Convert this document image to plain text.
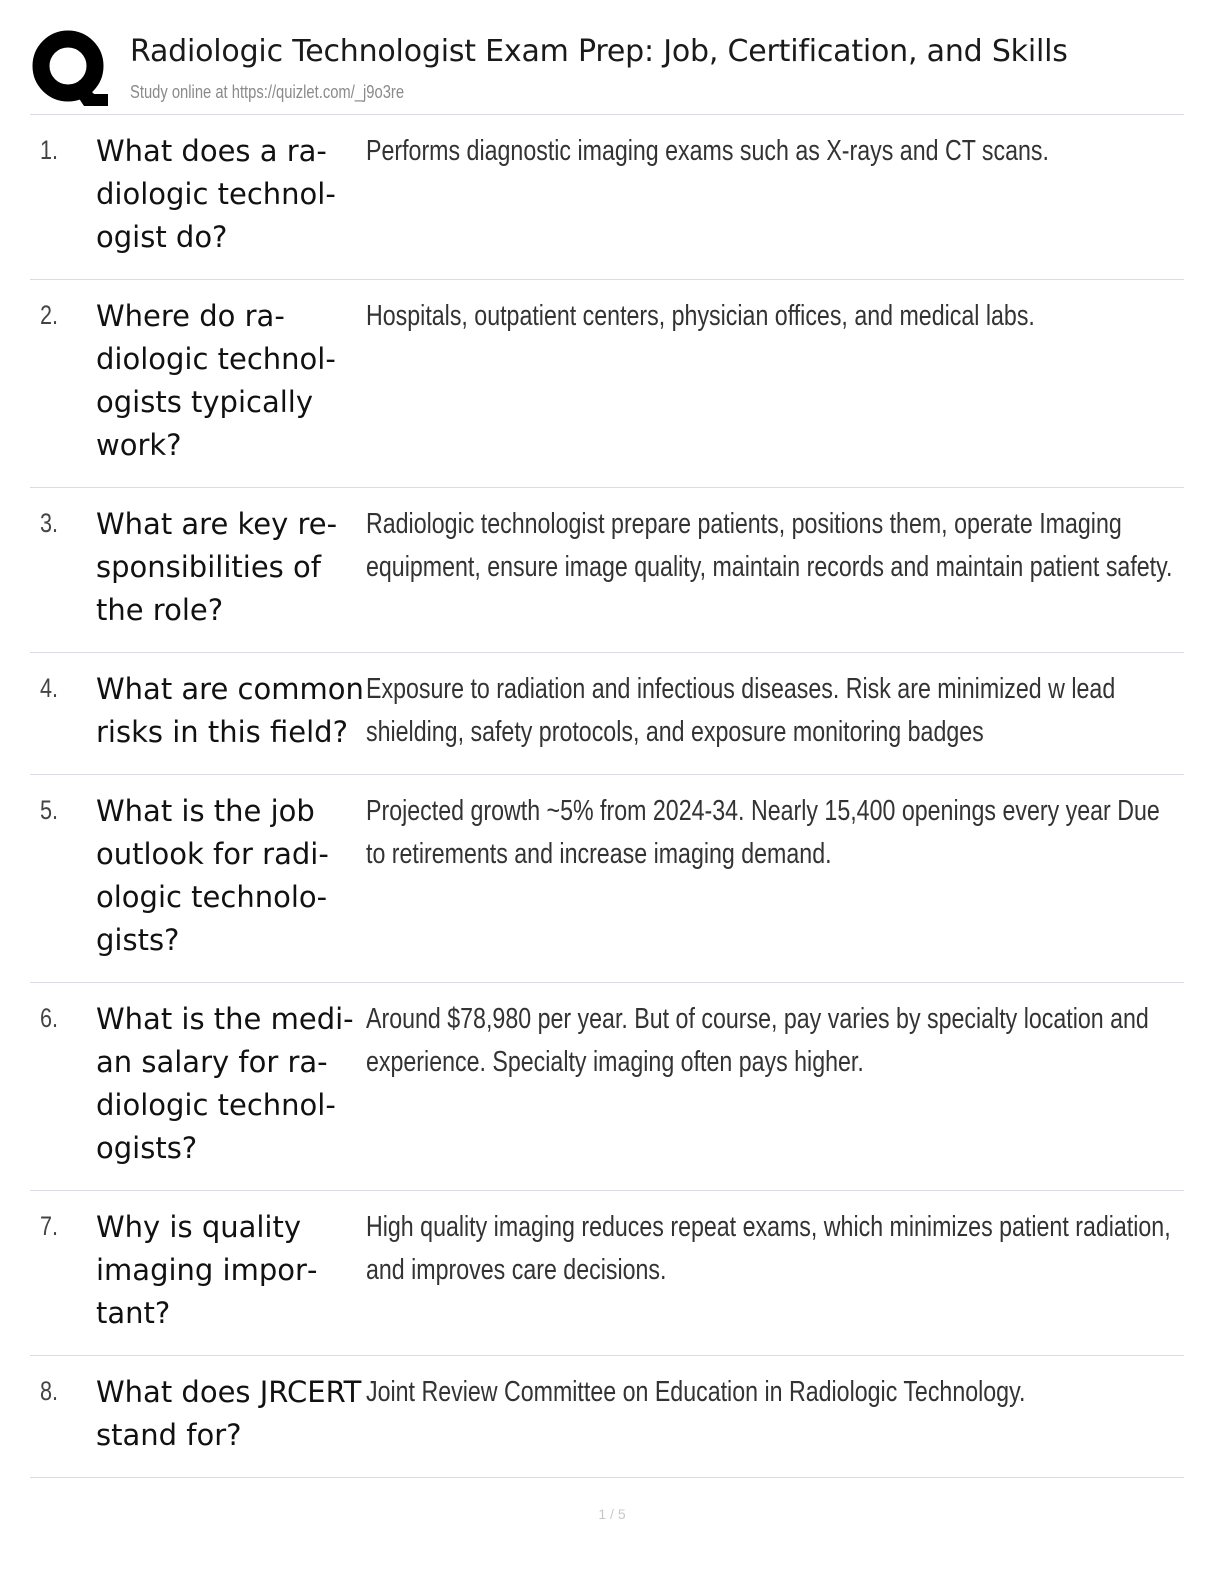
Radiologic Technologist Exam Prep: Job, Certification, and Skills
Study online at https://quizlet.com/_j9o3re
1. What does a radiologic technologist do?
Performs diagnostic imaging exams such as X-rays and CT scans.
2. Where do radiologic technologists typically work?
Hospitals, outpatient centers, physician offices, and medical labs.
3. What are key responsibilities of the role?
Radiologic technologist prepare patients, positions them, operate Imaging equipment, ensure image quality, maintain records and maintain patient safety.
4. What are common risks in this field?
Exposure to radiation and infectious diseases. Risk are minimized w lead shielding, safety protocols, and exposure monitoring badges
5. What is the job outlook for radiologic technologists?
Projected growth ~5% from 2024-34. Nearly 15,400 openings every year Due to retirements and increase imaging demand.
6. What is the median salary for radiologic technologists?
Around $78,980 per year. But of course, pay varies by specialty location and experience. Specialty imaging often pays higher.
7. Why is quality imaging important?
High quality imaging reduces repeat exams, which minimizes patient radiation, and improves care decisions.
8. What does JRCERT stand for?
Joint Review Committee on Education in Radiologic Technology.
1 / 5
